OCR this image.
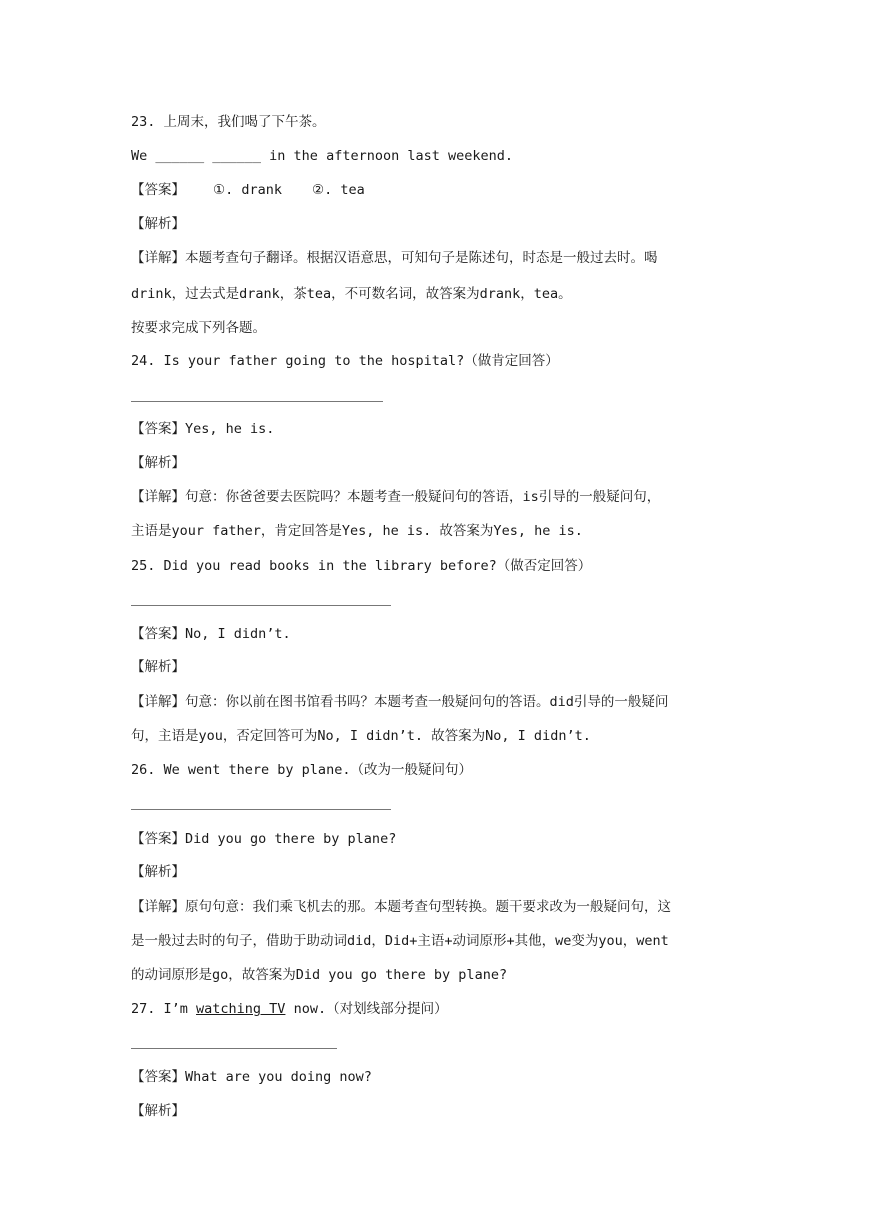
23. 上周末，我们喝了下午茶。
We ______ ______ in the afternoon last weekend.
【答案】 ①. drank ②. tea
【解析】
【详解】本题考查句子翻译。根据汉语意思，可知句子是陈述句，时态是一般过去时。喝
drink，过去式是drank，茶tea，不可数名词，故答案为drank，tea。
按要求完成下列各题。
24. Is your father going to the hospital?（做肯定回答）
【答案】Yes, he is.
【解析】
【详解】句意：你爸爸要去医院吗？本题考查一般疑问句的答语，is引导的一般疑问句，
主语是your father，肯定回答是Yes, he is. 故答案为Yes, he is.
25. Did you read books in the library before?（做否定回答）
【答案】No, I didn’t.
【解析】
【详解】句意：你以前在图书馆看书吗？本题考查一般疑问句的答语。did引导的一般疑问
句，主语是you，否定回答可为No, I didn’t. 故答案为No, I didn’t.
26. We went there by plane.（改为一般疑问句）
【答案】Did you go there by plane?
【解析】
【详解】原句句意：我们乘飞机去的那。本题考查句型转换。题干要求改为一般疑问句，这
是一般过去时的句子，借助于助动词did，Did+主语+动词原形+其他，we变为you，went
的动词原形是go，故答案为Did you go there by plane?
27. I’m watching TV now.（对划线部分提问）
【答案】What are you doing now?
【解析】
